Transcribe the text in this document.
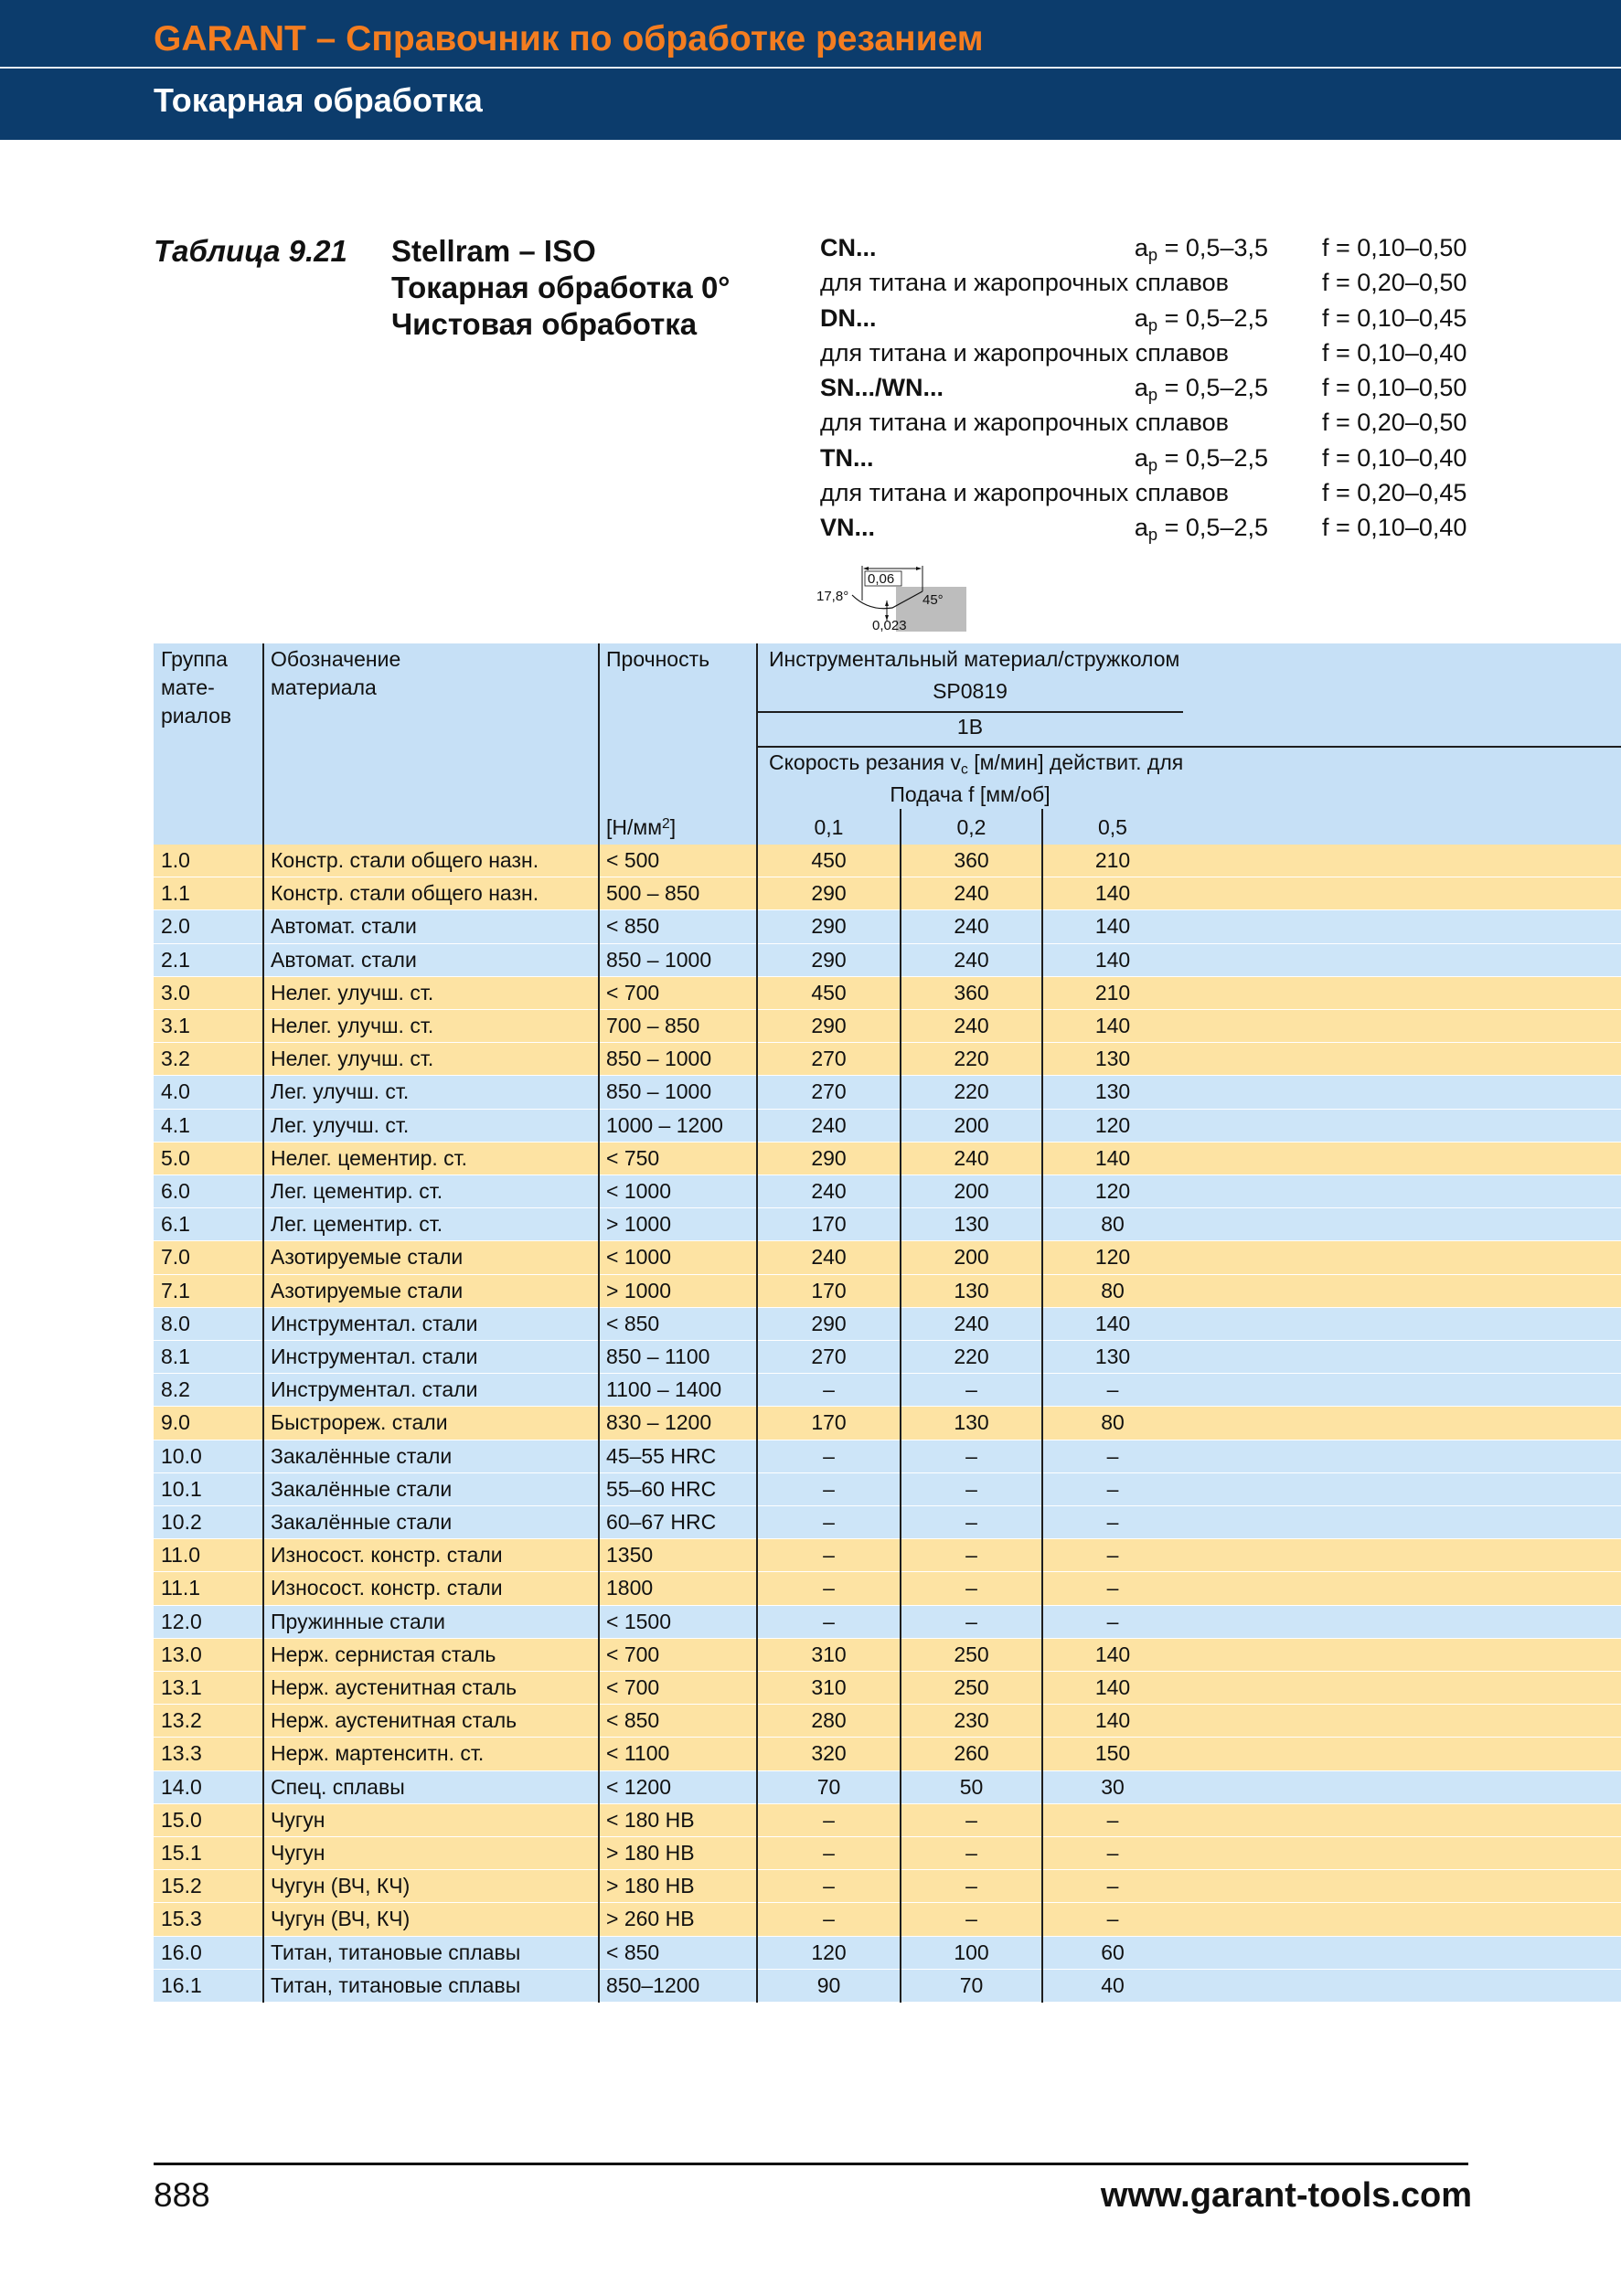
GARANT – Справочник по обработке резанием
Токарная обработка
Таблица 9.21 Stellram – ISO
Токарная обработка 0°
Чистовая обработка
CN...	$a_p = 0,5-3,5$ f = 0,10–0,50
для титана и жаропрочных сплавов	f = 0,20–0,50
DN...	$a_p = 0,5-2,5$ f = 0,10–0,45
для титана и жаропрочных сплавов	f = 0,10–0,40
SN.../WN...	$a_p = 0,5-2,5$ f = 0,10–0,50
для титана и жаропрочных сплавов	f = 0,20–0,50
TN...	$a_p = 0,5-2,5$ f = 0,10–0,40
для титана и жаропрочных сплавов	f = 0,20–0,45
VN...	$a_p = 0,5-2,5$ f = 0,10–0,40
0,06
17,8°	45°
0,023
Группа
мате-
риалов
Обозначение
материала
Прочность
$[Н/мм^2]$
Инструментальный материал/стружколом
SP0819
1B
Скорость резания $v_c$ [м/мин] действит. для
Подача f [мм/об]
0,1	0,2	0,5
1.0	Констр. стали общего назн.	< 500	450	360	210
1.1	Констр. стали общего назн.	500 – 850	290	240	140
2.0	Автомат. стали	< 850	290	240	140
2.1	Автомат. стали	850 – 1000	290	240	140
3.0	Нелег. улучш. ст.	< 700	450	360	210
3.1	Нелег. улучш. ст.	700 – 850	290	240	140
3.2	Нелег. улучш. ст.	850 – 1000	270	220	130
4.0	Лег. улучш. ст.	850 – 1000	270	220	130
4.1	Лег. улучш. ст.	1000 – 1200	240	200	120
5.0	Нелег. цементир. ст.	< 750	290	240	140
6.0	Лег. цементир. ст.	< 1000	240	200	120
6.1	Лег. цементир. ст.	> 1000	170	130	80
7.0	Азотируемые стали	< 1000	240	200	120
7.1	Азотируемые стали	> 1000	170	130	80
8.0	Инструментал. стали	< 850	290	240	140
8.1	Инструментал. стали	850 – 1100	270	220	130
8.2	Инструментал. стали	1100 – 1400	–	–	–
9.0	Быстрореж. стали	830 – 1200	170	130	80
10.0	Закалённые стали	45–55 HRC	–	–	–
10.1	Закалённые стали	55–60 HRC	–	–	–
10.2	Закалённые стали	60–67 HRC	–	–	–
11.0	Износост. констр. стали	1350	–	–	–
11.1	Износост. констр. стали	1800	–	–	–
12.0	Пружинные стали	< 1500	–	–	–
13.0	Нерж. сернистая сталь	< 700	310	250	140
13.1	Нерж. аустенитная сталь	< 700	310	250	140
13.2	Нерж. аустенитная сталь	< 850	280	230	140
13.3	Нерж. мартенситн. ст.	< 1100	320	260	150
14.0	Спец. сплавы	< 1200	70	50	30
15.0	Чугун	< 180 HB	–	–	–
15.1	Чугун	> 180 HB	–	–	–
15.2	Чугун (ВЧ, КЧ)	> 180 HB	–	–	–
15.3	Чугун (ВЧ, КЧ)	> 260 HB	–	–	–
16.0	Титан, титановые сплавы	< 850	120	100	60
16.1	Титан, титановые сплавы	850–1200	90	70	40
888	www.garant-tools.com
